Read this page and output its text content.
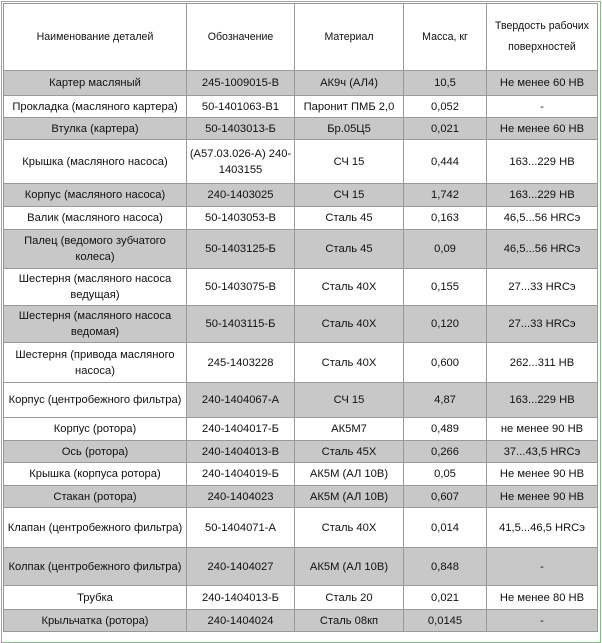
Наименование деталей	Обозначение	Материал	Масса, кг	Твердость рабочих поверхностей
Картер масляный	245-1009015-В	АК9ч (АЛ4)	10,5	Не менее 60 НВ
Прокладка (масляного картера)	50-1401063-В1	Паронит ПМБ 2,0	0,052	-
Втулка (картера)	50-1403013-Б	Бр.05Ц5	0,021	Не менее 60 НВ
Крышка (масляного насоса)	(А57.03.026-А) 240-1403155	СЧ 15	0,444	163...229 НВ
Корпус (масляного насоса)	240-1403025	СЧ 15	1,742	163...229 НВ
Валик (масляного насоса)	50-1403053-В	Сталь 45	0,163	46,5...56 HRCэ
Палец (ведомого зубчатого колеса)	50-1403125-Б	Сталь 45	0,09	46,5...56 HRCэ
Шестерня (масляного насоса ведущая)	50-1403075-В	Сталь 40Х	0,155	27...33 HRCэ
Шестерня (масляного насоса ведомая)	50-1403115-Б	Сталь 40Х	0,120	27...33 HRCэ
Шестерня (привода масляного насоса)	245-1403228	Сталь 40Х	0,600	262...311 НВ
Корпус (центробежного фильтра)	240-1404067-А	СЧ 15	4,87	163...229 НВ
Корпус (ротора)	240-1404017-Б	АК5М7	0,489	не менее 90 НВ
Ось (ротора)	240-1404013-В	Сталь 45Х	0,266	37...43,5 HRCэ
Крышка (корпуса ротора)	240-1404019-Б	АК5М (АЛ 10В)	0,05	Не менее 90 НВ
Стакан (ротора)	240-1404023	АК5М (АЛ 10В)	0,607	Не менее 90 НВ
Клапан (центробежного фильтра)	50-1404071-А	Сталь 40Х	0,014	41,5...46,5 HRCэ
Колпак (центробежного фильтра)	240-1404027	АК5М (АЛ 10В)	0,848	-
Трубка	240-1404013-Б	Сталь 20	0,021	Не менее 80 НВ
Крыльчатка (ротора)	240-1404024	Сталь 08кп	0,0145	-
